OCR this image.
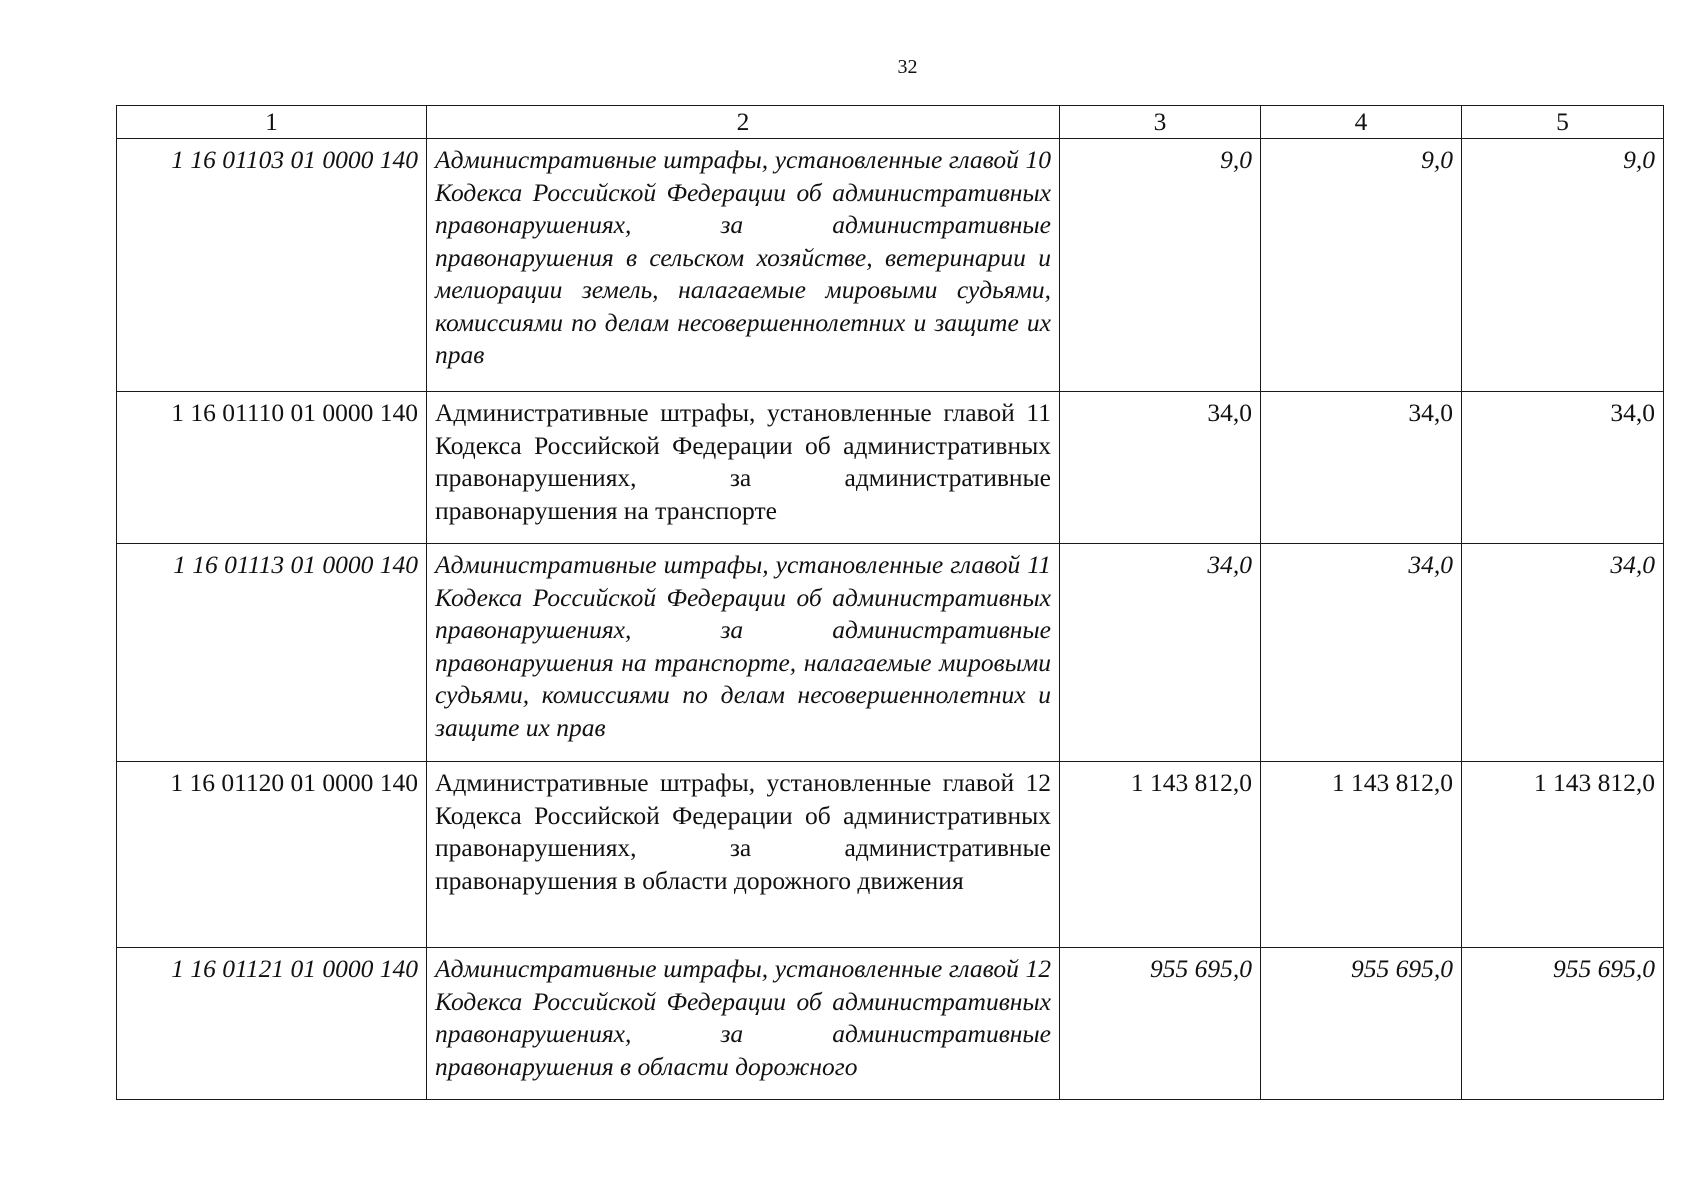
32
1	2	3	4	5
1 16 01103 01 0000 140	Административные штрафы, установленные главой 10 Кодекса Российской Федерации об административных правонарушениях, за административные правонарушения в сельском хозяйстве, ветеринарии и мелиорации земель, налагаемые мировыми судьями, комиссиями по делам несовершеннолетних и защите их прав	9,0	9,0	9,0
1 16 01110 01 0000 140	Административные штрафы, установленные главой 11 Кодекса Российской Федерации об административных правонарушениях, за административные правонарушения на транспорте	34,0	34,0	34,0
1 16 01113 01 0000 140	Административные штрафы, установленные главой 11 Кодекса Российской Федерации об административных правонарушениях, за административные правонарушения на транспорте, налагаемые мировыми судьями, комиссиями по делам несовершеннолетних и защите их прав	34,0	34,0	34,0
1 16 01120 01 0000 140	Административные штрафы, установленные главой 12 Кодекса Российской Федерации об административных правонарушениях, за административные правонарушения в области дорожного движения	1 143 812,0	1 143 812,0	1 143 812,0
1 16 01121 01 0000 140	Административные штрафы, установленные главой 12 Кодекса Российской Федерации об административных правонарушениях, за административные правонарушения в области дорожного	955 695,0	955 695,0	955 695,0
